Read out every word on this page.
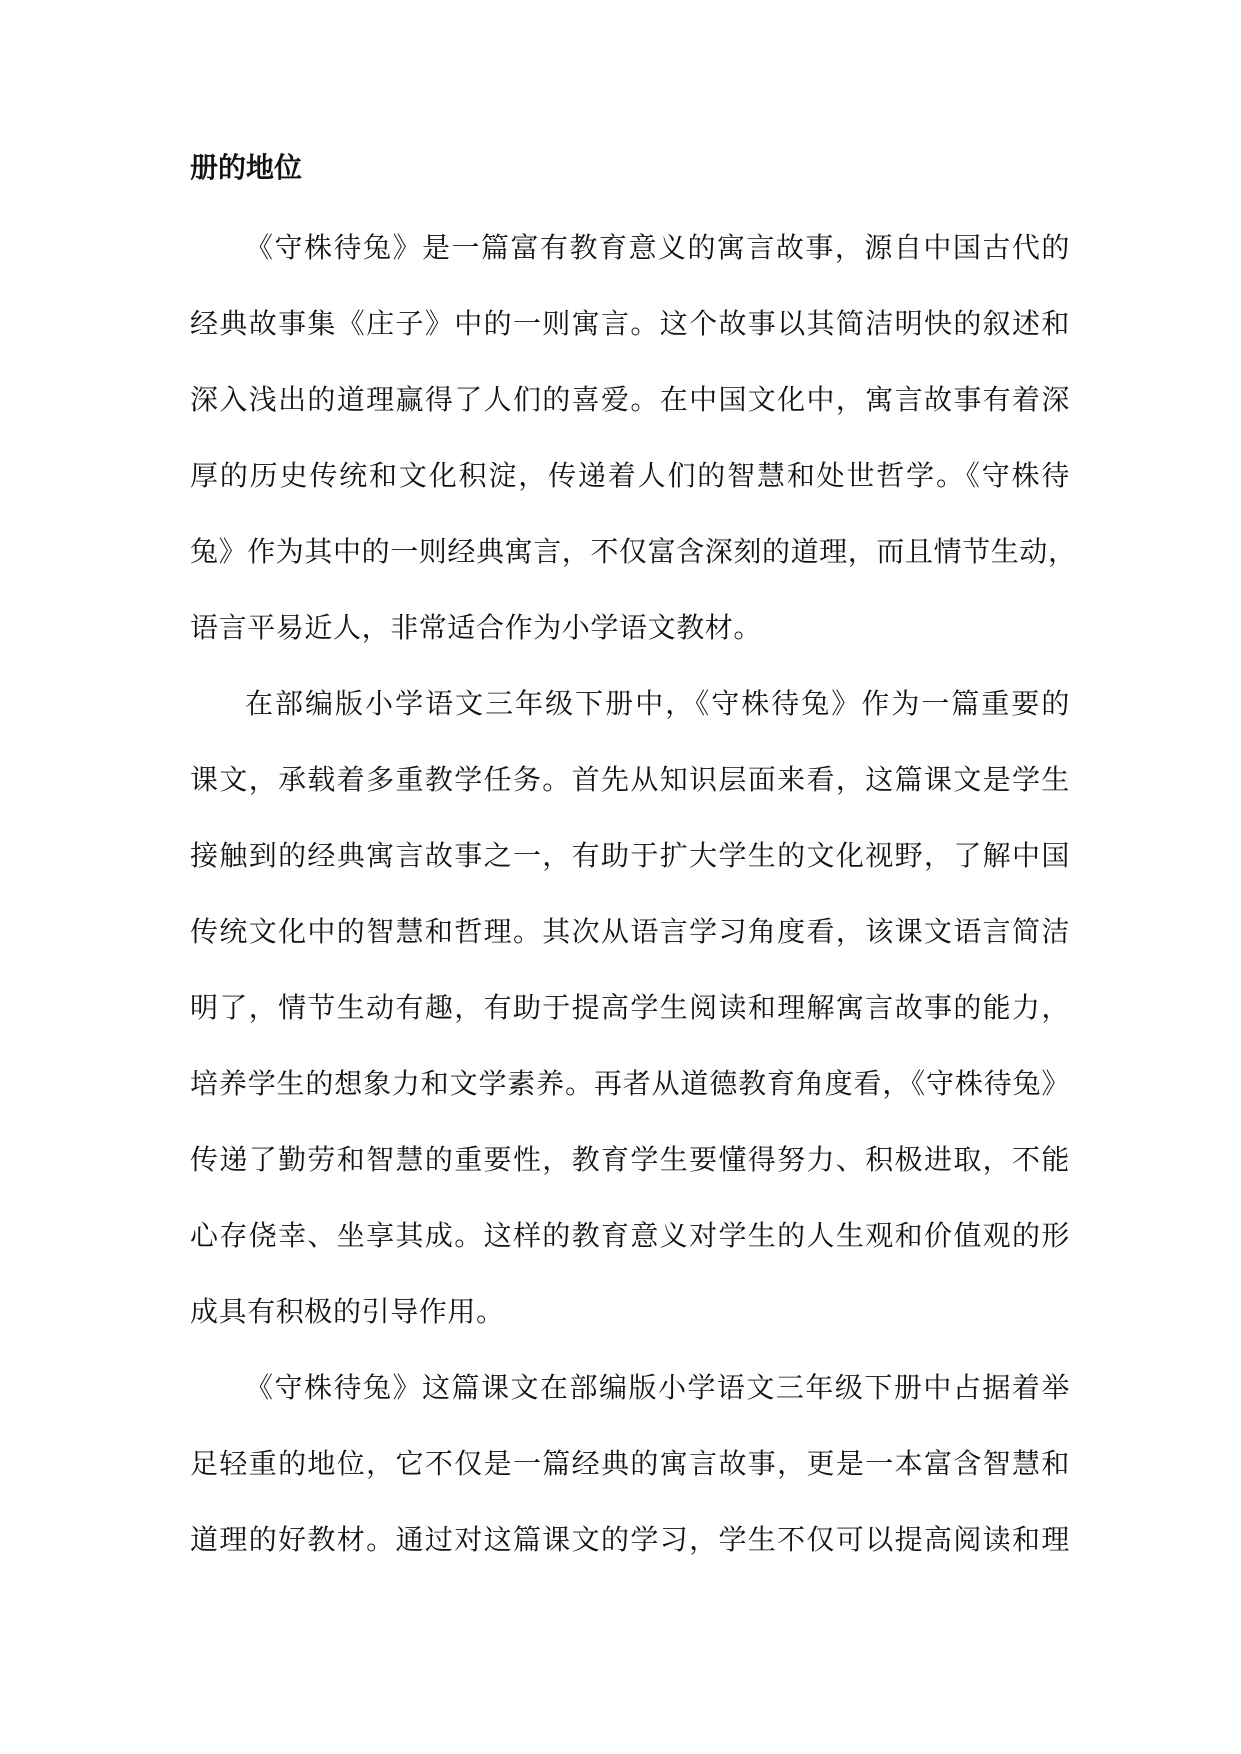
册的地位
《守株待兔》是一篇富有教育意义的寓言故事，源自中国古代的
经典故事集《庄子》中的一则寓言。这个故事以其简洁明快的叙述和
深入浅出的道理赢得了人们的喜爱。在中国文化中，寓言故事有着深
厚的历史传统和文化积淀，传递着人们的智慧和处世哲学。《守株待
兔》作为其中的一则经典寓言，不仅富含深刻的道理，而且情节生动，
语言平易近人，非常适合作为小学语文教材。
在部编版小学语文三年级下册中，《守株待兔》作为一篇重要的
课文，承载着多重教学任务。首先从知识层面来看，这篇课文是学生
接触到的经典寓言故事之一，有助于扩大学生的文化视野，了解中国
传统文化中的智慧和哲理。其次从语言学习角度看，该课文语言简洁
明了，情节生动有趣，有助于提高学生阅读和理解寓言故事的能力，
培养学生的想象力和文学素养。再者从道德教育角度看，《守株待兔》
传递了勤劳和智慧的重要性，教育学生要懂得努力、积极进取，不能
心存侥幸、坐享其成。这样的教育意义对学生的人生观和价值观的形
成具有积极的引导作用。
《守株待兔》这篇课文在部编版小学语文三年级下册中占据着举
足轻重的地位，它不仅是一篇经典的寓言故事，更是一本富含智慧和
道理的好教材。通过对这篇课文的学习，学生不仅可以提高阅读和理
